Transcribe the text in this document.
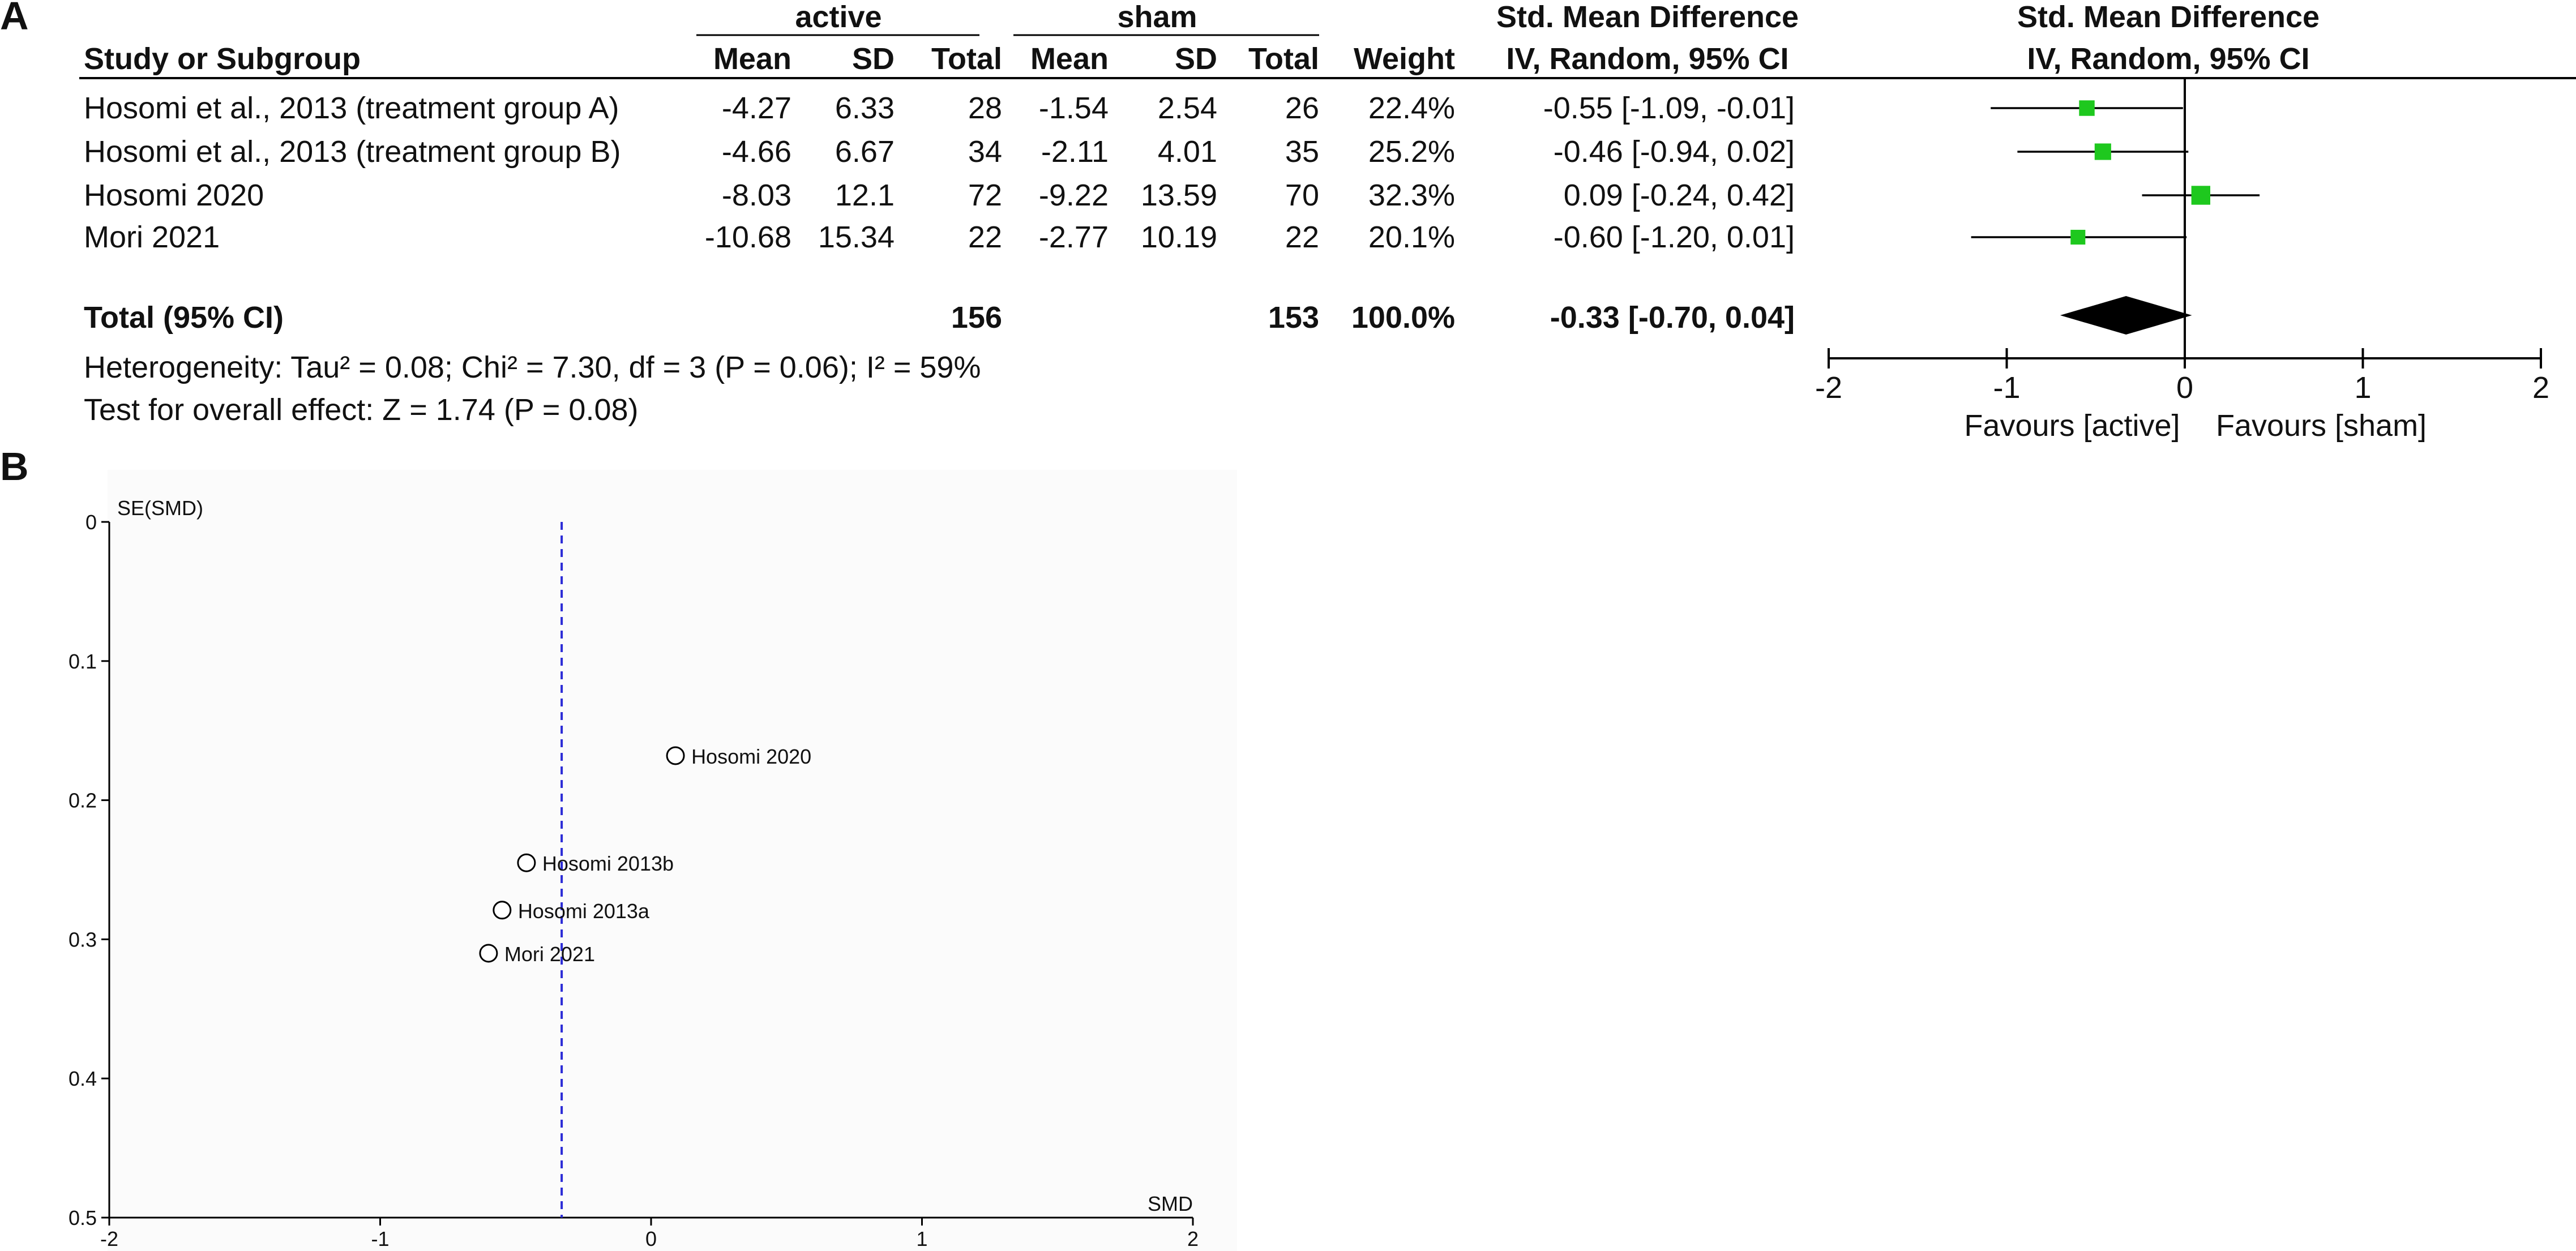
A
B
active	sham	Std. Mean Difference	Std. Mean Difference
Study or Subgroup	Mean SD Total Mean SD Total Weight IV, Random, 95% CI	IV, Random, 95% CI
Hosomi et al., 2013 (treatment group A)	-4.27 6.33 28 -1.54 2.54 26 22.4%	-0.55 [-1.09, -0.01]
Hosomi et al., 2013 (treatment group B)	-4.66 6.67 34 -2.11 4.01 35 25.2%	-0.46 [-0.94, 0.02]
Hosomi 2020	-8.03 12.1 72 -9.22 13.59 70 32.3%	0.09 [-0.24, 0.42]
Mori 2021	-10.68 15.34 22 -2.77 10.19 22 20.1%	-0.60 [-1.20, 0.01]
Total (95% CI)	156	153 100.0%	-0.33 [-0.70, 0.04]
Heterogeneity: Tau² = 0.08; Chi² = 7.30, df = 3 (P = 0.06); I² = 59%
Test for overall effect: Z = 1.74 (P = 0.08)
-2	-1	0	1	2
Favours [active] Favours [sham]
0
0.1
0.2
0.3
0.4
0.5
-2	-1	0	1	2
SE(SMD)
SMD
Hosomi 2020
Hosomi 2013b
Hosomi 2013a
Mori 2021
